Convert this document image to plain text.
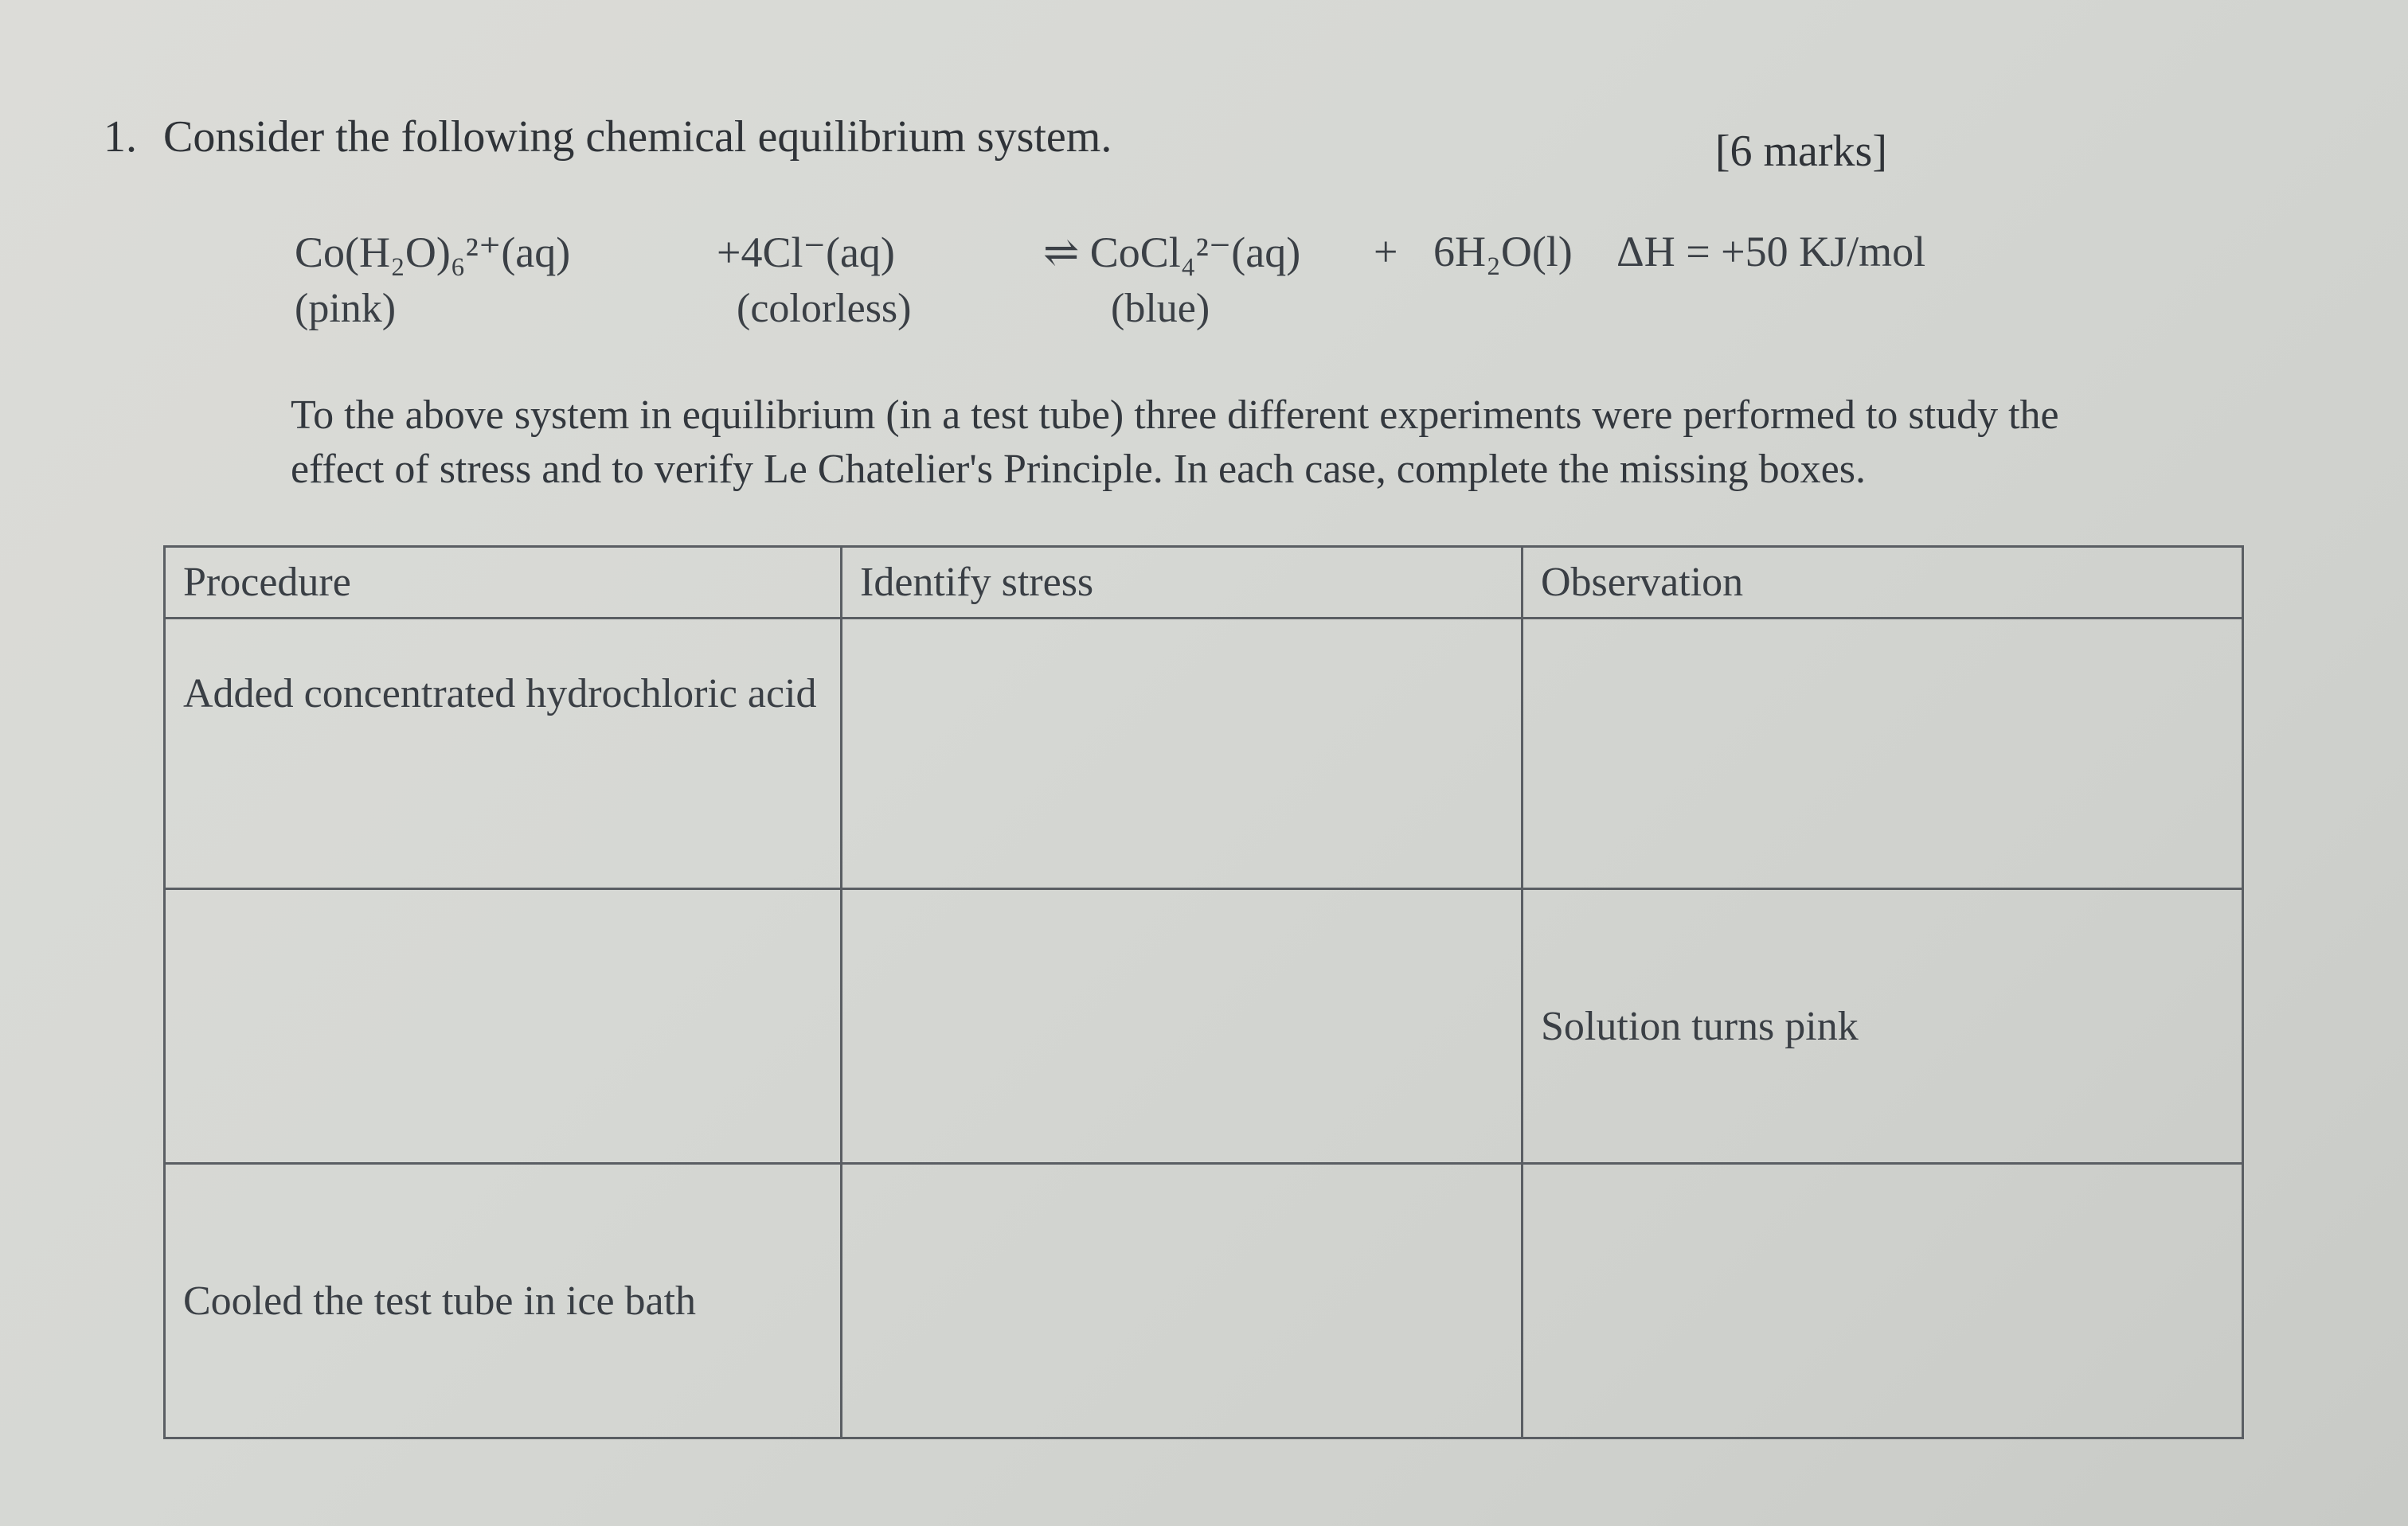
1. Consider the following chemical equilibrium system.	[6 marks]
Co(H₂O)₆²⁺(aq)	+4Cl⁻(aq)	⇌ CoCl₄²⁻(aq) + 6H₂O(l) ΔH = +50 KJ/mol
(pink)	(colorless)	(blue)

To the above system in equilibrium (in a test tube) three different experiments were performed to study the

effect of stress and to verify Le Chatelier's Principle. In each case, complete the missing boxes.

Procedure	Identify stress	Observation
Added concentrated hydrochloric acid		
		Solution turns pink
Cooled the test tube in ice bath		
